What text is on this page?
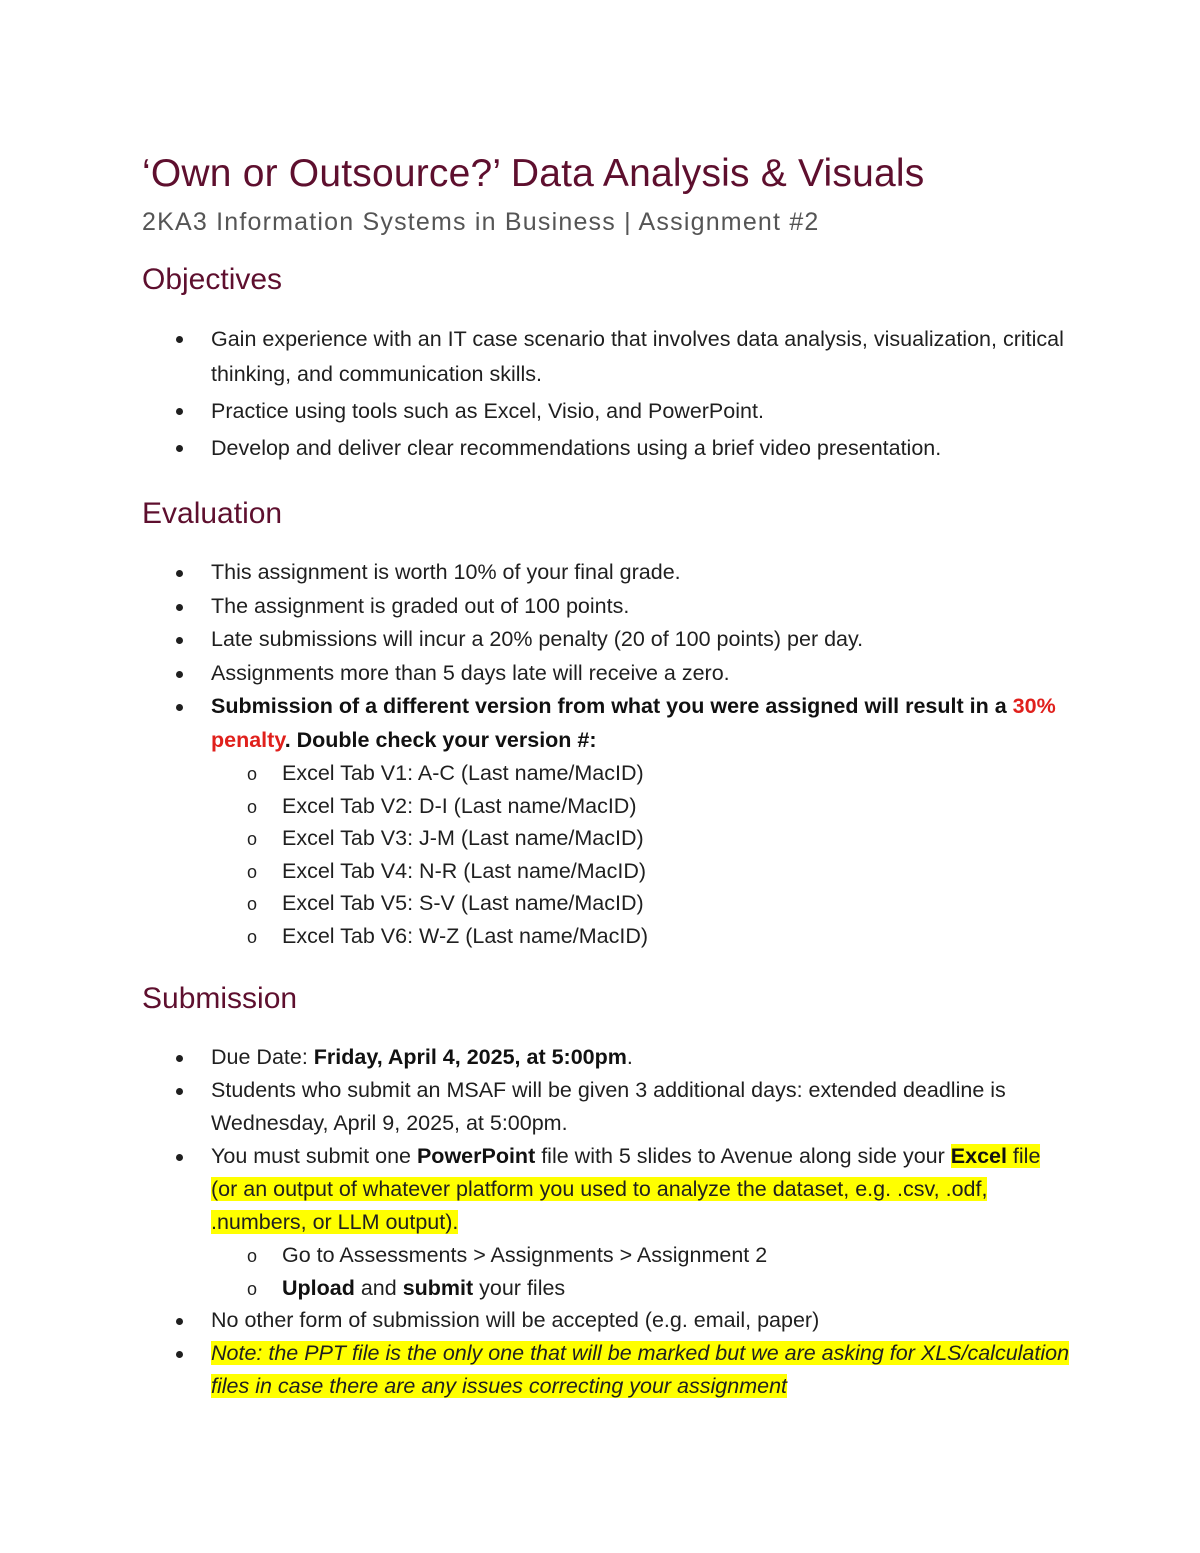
‘Own or Outsource?’ Data Analysis & Visuals
2KA3 Information Systems in Business | Assignment #2
Objectives
Gain experience with an IT case scenario that involves data analysis, visualization, critical thinking, and communication skills.
Practice using tools such as Excel, Visio, and PowerPoint.
Develop and deliver clear recommendations using a brief video presentation.
Evaluation
This assignment is worth 10% of your final grade.
The assignment is graded out of 100 points.
Late submissions will incur a 20% penalty (20 of 100 points) per day.
Assignments more than 5 days late will receive a zero.
Submission of a different version from what you were assigned will result in a 30% penalty. Double check your version #:
o Excel Tab V1: A-C (Last name/MacID)
o Excel Tab V2: D-I (Last name/MacID)
o Excel Tab V3: J-M (Last name/MacID)
o Excel Tab V4: N-R (Last name/MacID)
o Excel Tab V5: S-V (Last name/MacID)
o Excel Tab V6: W-Z (Last name/MacID)
Submission
Due Date: Friday, April 4, 2025, at 5:00pm.
Students who submit an MSAF will be given 3 additional days: extended deadline is Wednesday, April 9, 2025, at 5:00pm.
You must submit one PowerPoint file with 5 slides to Avenue along side your Excel file (or an output of whatever platform you used to analyze the dataset, e.g. .csv, .odf, .numbers, or LLM output).
o Go to Assessments > Assignments > Assignment 2
o Upload and submit your files
No other form of submission will be accepted (e.g. email, paper)
Note: the PPT file is the only one that will be marked but we are asking for XLS/calculation files in case there are any issues correcting your assignment
